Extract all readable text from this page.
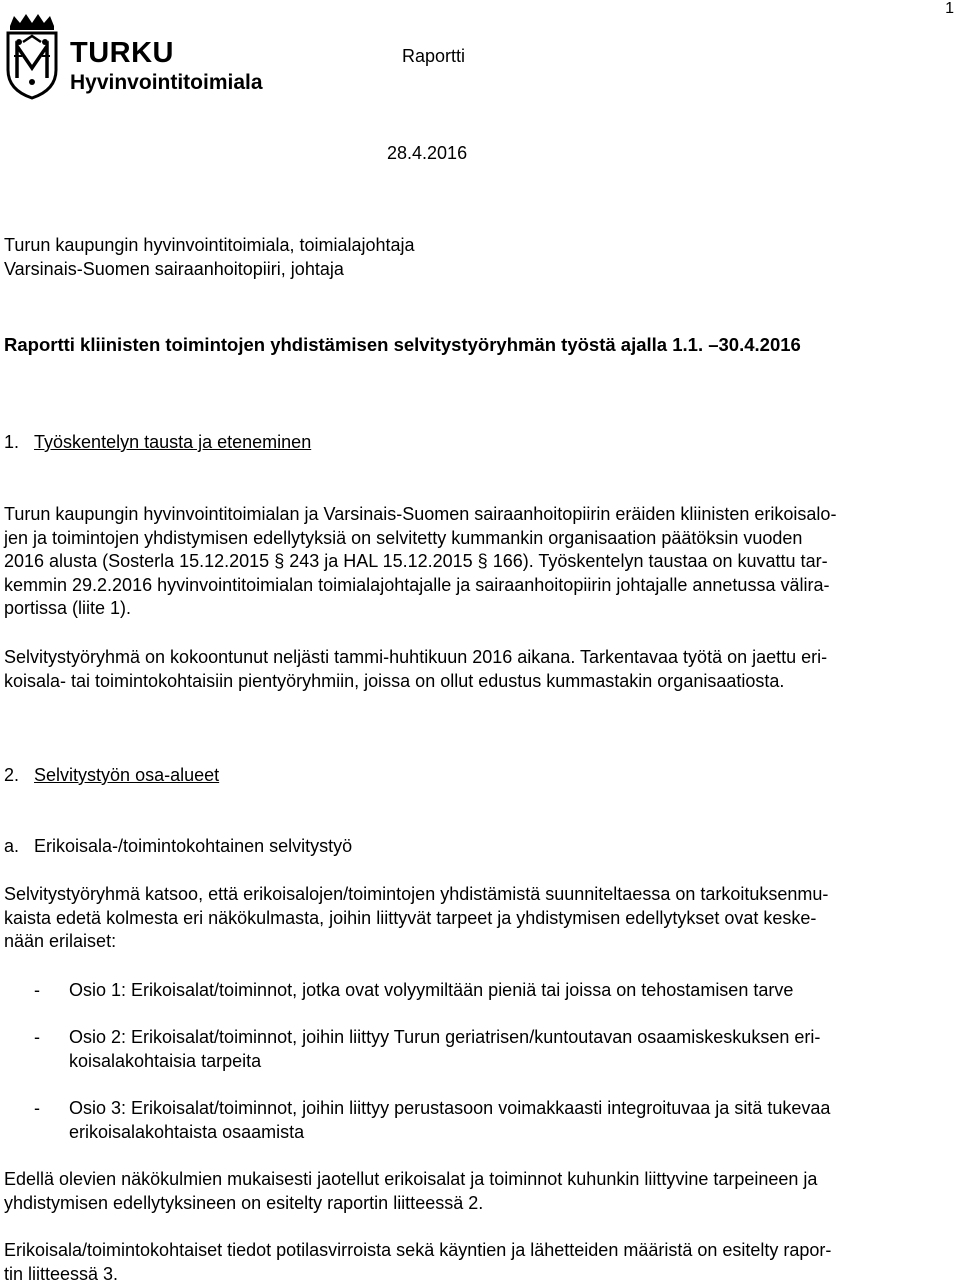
1
TURKU
Hyvinvointitoimiala
Raportti
28.4.2016
Turun kaupungin hyvinvointitoimiala, toimialajohtaja
Varsinais-Suomen sairaanhoitopiiri, johtaja
Raportti kliinisten toimintojen yhdistämisen selvitystyöryhmän työstä ajalla 1.1. –30.4.2016
1. Työskentelyn tausta ja eteneminen
Turun kaupungin hyvinvointitoimialan ja Varsinais-Suomen sairaanhoitopiirin eräiden kliinisten erikoisalo-
jen ja toimintojen yhdistymisen edellytyksiä on selvitetty kummankin organisaation päätöksin vuoden
2016 alusta (Sosterla 15.12.2015 § 243 ja HAL 15.12.2015 § 166). Työskentelyn taustaa on kuvattu tar-
kemmin 29.2.2016 hyvinvointitoimialan toimialajohtajalle ja sairaanhoitopiirin johtajalle annetussa välira-
portissa (liite 1).
Selvitystyöryhmä on kokoontunut neljästi tammi-huhtikuun 2016 aikana. Tarkentavaa työtä on jaettu eri-
koisala- tai toimintokohtaisiin pientyöryhmiin, joissa on ollut edustus kummastakin organisaatiosta.
2. Selvitystyön osa-alueet
a. Erikoisala-/toimintokohtainen selvitystyö
Selvitystyöryhmä katsoo, että erikoisalojen/toimintojen yhdistämistä suunniteltaessa on tarkoituksenmu-
kaista edetä kolmesta eri näkökulmasta, joihin liittyvät tarpeet ja yhdistymisen edellytykset ovat keske-
nään erilaiset:
- Osio 1: Erikoisalat/toiminnot, jotka ovat volyymiltään pieniä tai joissa on tehostamisen tarve
- Osio 2: Erikoisalat/toiminnot, joihin liittyy Turun geriatrisen/kuntoutavan osaamiskeskuksen eri-
koisalakohtaisia tarpeita
- Osio 3: Erikoisalat/toiminnot, joihin liittyy perustasoon voimakkaasti integroituvaa ja sitä tukevaa
erikoisalakohtaista osaamista
Edellä olevien näkökulmien mukaisesti jaotellut erikoisalat ja toiminnot kuhunkin liittyvine tarpeineen ja
yhdistymisen edellytyksineen on esitelty raportin liitteessä 2.
Erikoisala/toimintokohtaiset tiedot potilasvirroista sekä käyntien ja lähetteiden määristä on esitelty rapor-
tin liitteessä 3.
